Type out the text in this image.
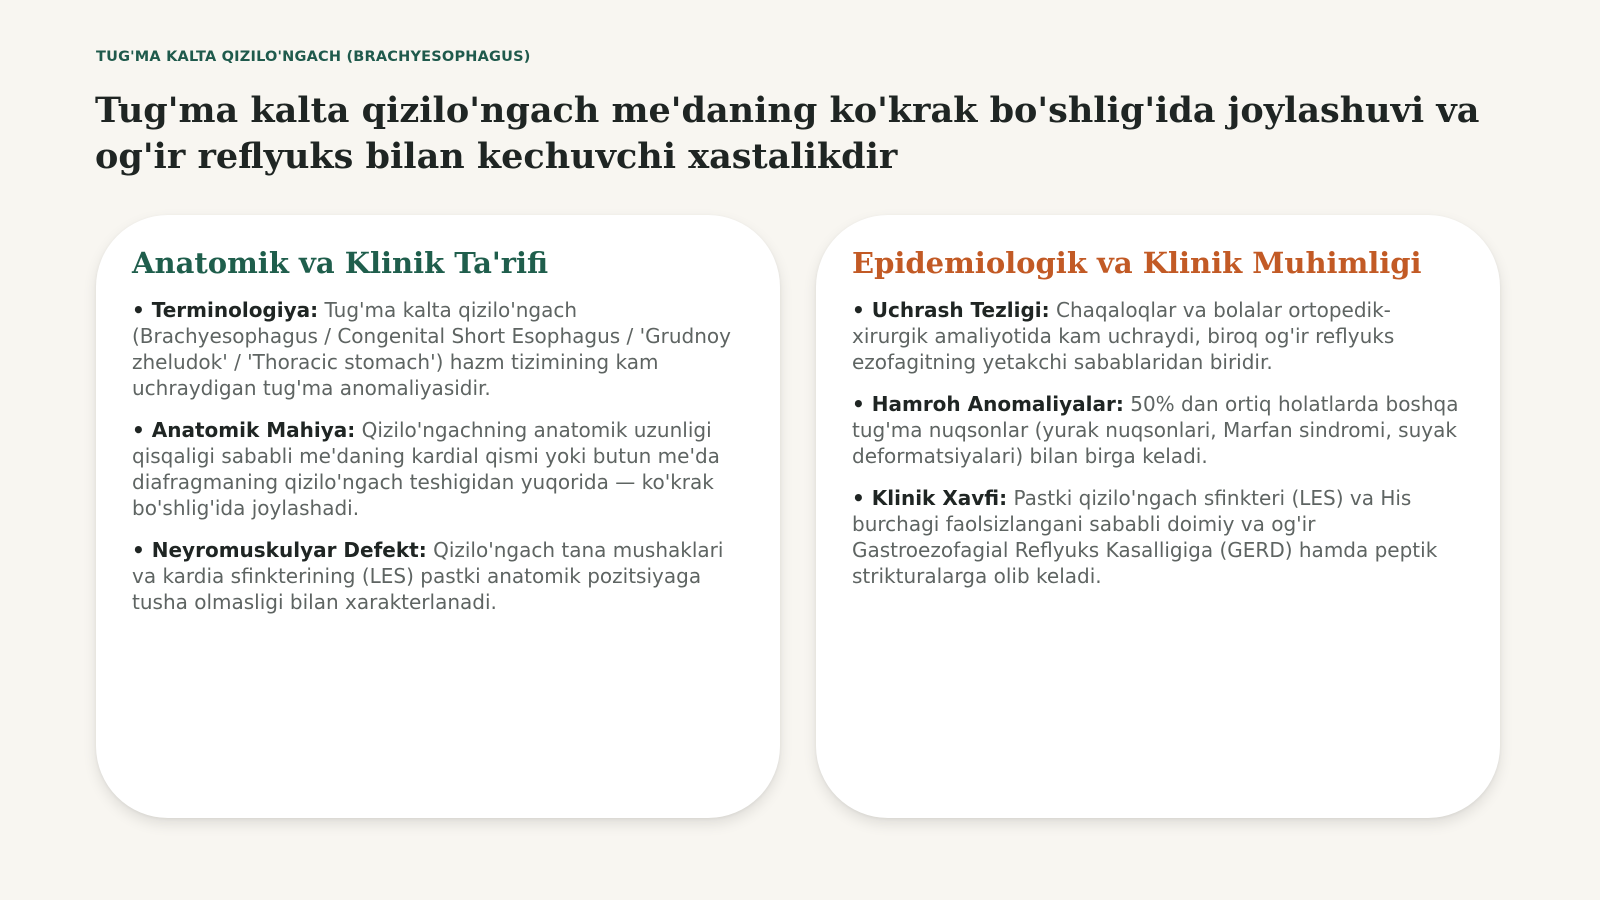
TUG'MA KALTA QIZILO'NGACH (BRACHYESOPHAGUS)
Tug'ma kalta qizilo'ngach me'daning ko'krak bo'shlig'ida joylashuvi va og'ir reflyuks bilan kechuvchi xastalikdir
Anatomik va Klinik Ta'rifi

• Terminologiya: Tug'ma kalta qizilo'ngach (Brachyesophagus / Congenital Short Esophagus / 'Grudnoy zheludok' / 'Thoracic stomach') hazm tizimining kam uchraydigan tug'ma anomaliyasidir.

• Anatomik Mahiya: Qizilo'ngachning anatomik uzunligi qisqaligi sababli me'daning kardial qismi yoki butun me'da diafragmaning qizilo'ngach teshigidan yuqorida — ko'krak bo'shlig'ida joylashadi.

• Neyromuskulyar Defekt: Qizilo'ngach tana mushaklari va kardia sfinkterining (LES) pastki anatomik pozitsiyaga tusha olmasligi bilan xarakterlanadi.

Epidemiologik va Klinik Muhimligi

• Uchrash Tezligi: Chaqaloqlar va bolalar ortopedik-xirurgik amaliyotida kam uchraydi, biroq og'ir reflyuks ezofagitning yetakchi sabablaridan biridir.

• Hamroh Anomaliyalar: 50% dan ortiq holatlarda boshqa tug'ma nuqsonlar (yurak nuqsonlari, Marfan sindromi, suyak deformatsiyalari) bilan birga keladi.

• Klinik Xavfi: Pastki qizilo'ngach sfinkteri (LES) va His burchagi faolsizlangani sababli doimiy va og'ir Gastroezofagial Reflyuks Kasalligiga (GERD) hamda peptik strikturalarga olib keladi.
